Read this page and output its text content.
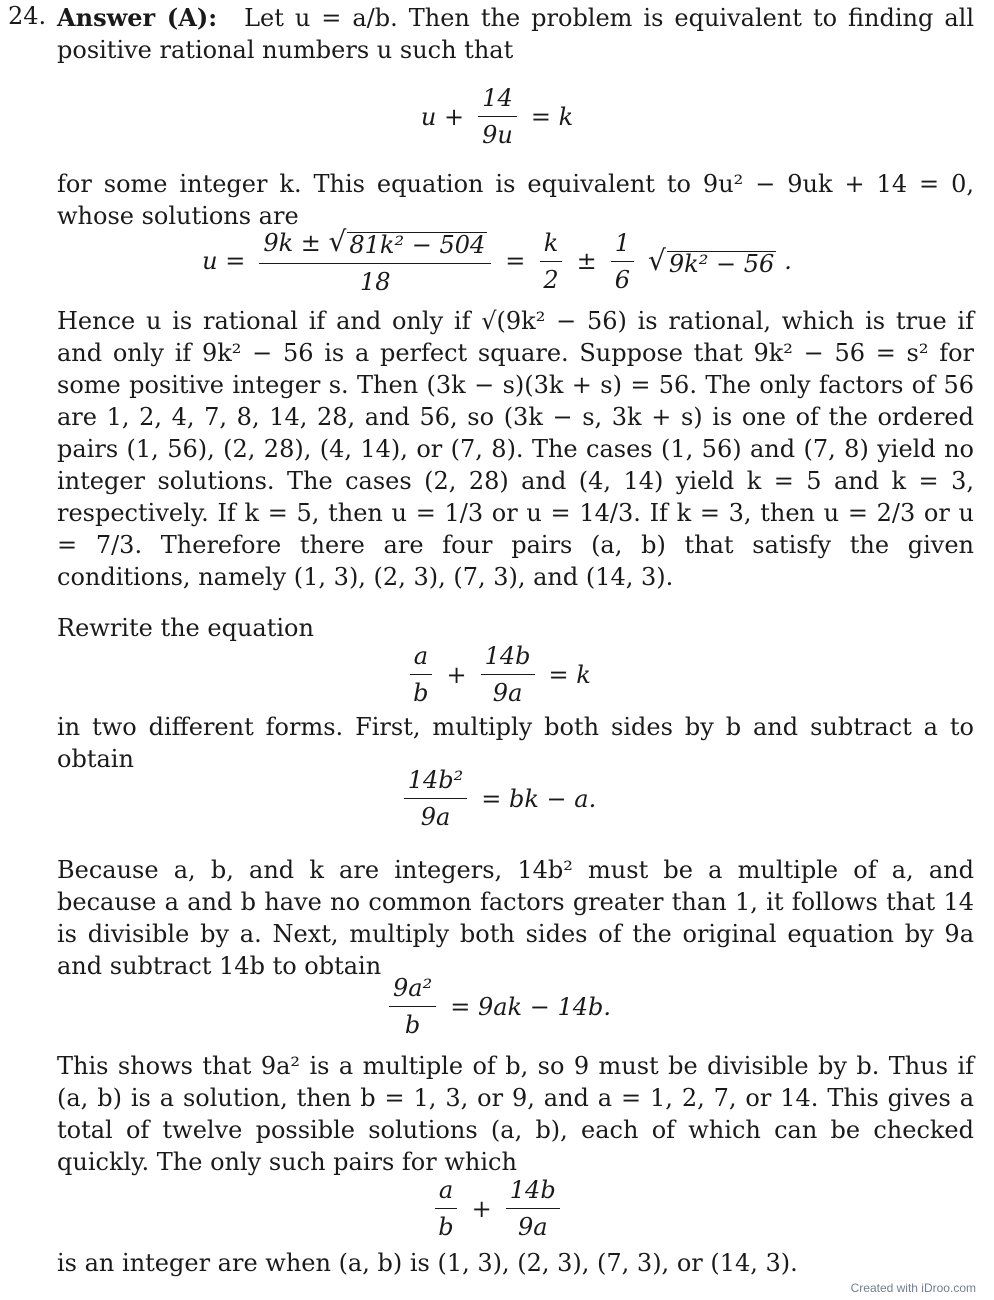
24. Answer (A): Let u = a/b. Then the problem is equivalent to finding all positive rational numbers u such that

$u + \frac{14}{9u} = k$

for some integer k. This equation is equivalent to 9u² − 9uk + 14 = 0, whose solutions are

$u = \frac{\text{9k ± √ 81k² − 504}}{18} = \frac{k}{2} \pm \frac{1}{6}$ √ 9k² − 56 .

Hence u is rational if and only if √(9k² − 56) is rational, which is true if and only if 9k² − 56 is a perfect square. Suppose that 9k² − 56 = s² for some positive integer s. Then (3k − s)(3k + s) = 56. The only factors of 56 are 1, 2, 4, 7, 8, 14, 28, and 56, so (3k − s, 3k + s) is one of the ordered pairs (1, 56), (2, 28), (4, 14), or (7, 8). The cases (1, 56) and (7, 8) yield no integer solutions. The cases (2, 28) and (4, 14) yield k = 5 and k = 3, respectively. If k = 5, then u = 1/3 or u = 14/3. If k = 3, then u = 2/3 or u = 7/3. Therefore there are four pairs (a, b) that satisfy the given conditions, namely (1, 3), (2, 3), (7, 3), and (14, 3).

Rewrite the equation

$\frac{a}{b} + \frac{14b}{9a} = k$

in two different forms. First, multiply both sides by b and subtract a to obtain

$\frac{\text{14b²}}{9a}$ = bk − a.

Because a, b, and k are integers, 14b² must be a multiple of a, and because a and b have no common factors greater than 1, it follows that 14 is divisible by a. Next, multiply both sides of the original equation by 9a and subtract 14b to obtain

$\frac{\text{9a²}}{b} = 9ak - 14b$.

This shows that 9a² is a multiple of b, so 9 must be divisible by b. Thus if (a, b) is a solution, then b = 1, 3, or 9, and a = 1, 2, 7, or 14. This gives a total of twelve possible solutions (a, b), each of which can be checked quickly. The only such pairs for which

$\frac{a}{b} + \frac{14b}{9a}$

is an integer are when (a, b) is (1, 3), (2, 3), (7, 3), or (14, 3).

Created with iDroo.com
